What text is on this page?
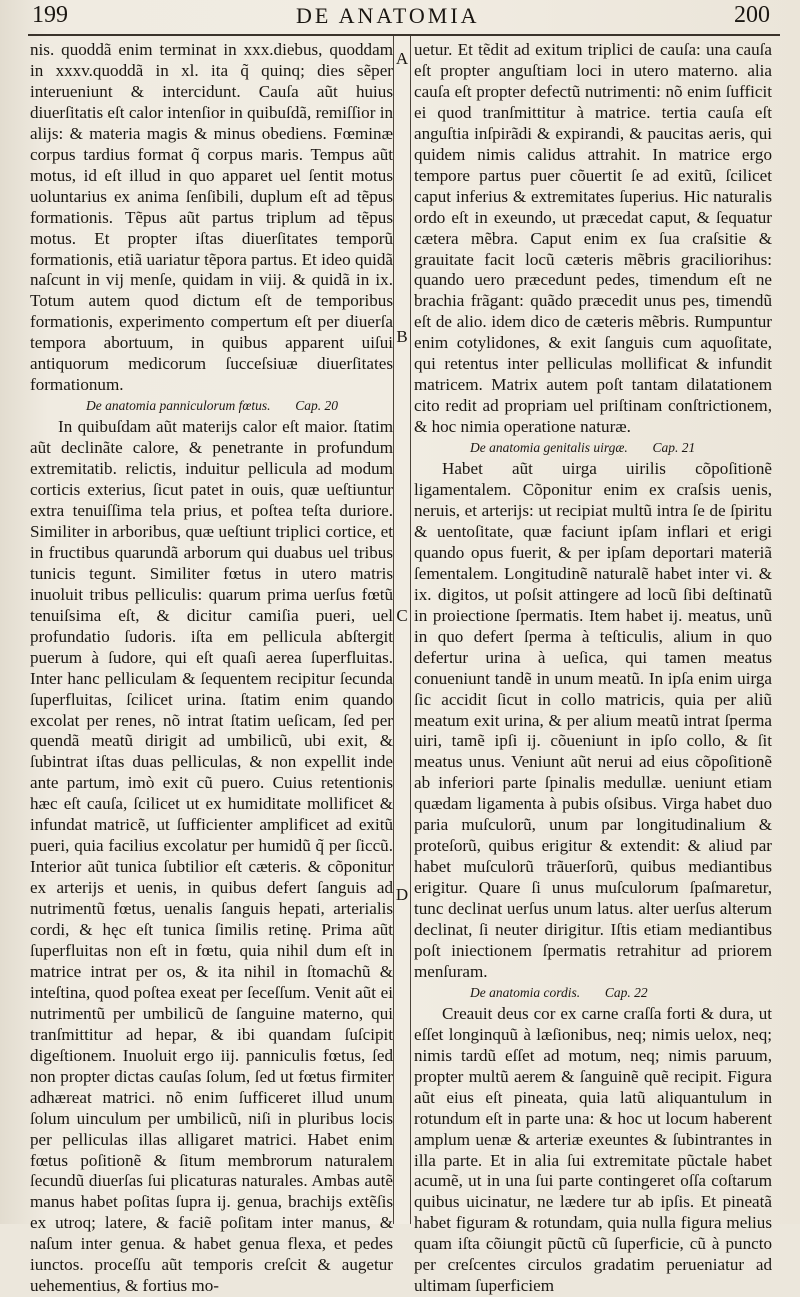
199	DE ANATOMIA	200
A
B
C
D

nis. quoddã enim terminat in xxx.diebus, quoddam in xxxv.quoddã in xl. ita q̃ quinq; dies sẽper interueniunt & intercidunt. Cauſa aũt huius diuerſitatis eſt calor intenſior in quibuſdã, remiſſior in alijs: & materia magis & minus obediens. Fœminæ corpus tardius format q̃ corpus maris. Tempus aũt motus, id eſt illud in quo apparet uel ſentit motus uoluntarius ex anima ſenſibili, duplum eſt ad tẽpus formationis. Tẽpus aũt partus triplum ad tẽpus motus. Et propter iſtas diuerſitates temporũ formationis, etiã uariatur tẽpora partus. Et ideo quidã naſcunt in vij menſe, quidam in viij. & quidã in ix. Totum autem quod dictum eſt de temporibus formationis, experimento compertum eſt per diuerſa tempora abortuum, in quibus apparent uiſui antiquorum medicorum ſucceſsiuæ diuerſitates formationum.

De anatomia panniculorum fœtus. Cap. 20

In quibuſdam aũt materijs calor eſt maior. ſtatim aũt declinãte calore, & penetrante in profundum extremitatib. relictis, induitur pellicula ad modum corticis exterius, ſicut patet in ouis, quæ ueſtiuntur extra tenuiſſima tela prius, et poſtea teſta duriore. Similiter in arboribus, quæ ueſtiunt triplici cortice, et in fructibus quarundã arborum qui duabus uel tribus tunicis tegunt. Similiter fœtus in utero matris inuoluit tribus pelliculis: quarum prima uerſus fœtũ tenuiſsima eſt, & dicitur camiſia pueri, uel profundatio ſudoris. iſta em pellicula abſtergit puerum à ſudore, qui eſt quaſi aerea ſuperfluitas. Inter hanc pelliculam & ſequentem recipitur ſecunda ſuperfluitas, ſcilicet urina. ſtatim enim quando excolat per renes, nõ intrat ſtatim ueſicam, ſed per quendã meatũ dirigit ad umbilicũ, ubi exit, & ſubintrat iſtas duas pelliculas, & non expellit inde ante partum, imò exit cũ puero. Cuius retentionis hæc eſt cauſa, ſcilicet ut ex humiditate mollificet & infundat matricẽ, ut ſufficienter amplificet ad exitũ pueri, quia facilius excolatur per humidũ q̃ per ſiccũ. Interior aũt tunica ſubtilior eſt cæteris. & cõponitur ex arterijs et uenis, in quibus defert ſanguis ad nutrimentũ fœtus, uenalis ſanguis hepati, arterialis cordi, & hęc eſt tunica ſimilis retinę. Prima aũt ſuperfluitas non eſt in fœtu, quia nihil dum eſt in matrice intrat per os, & ita nihil in ſtomachũ & inteſtina, quod poſtea exeat per ſeceſſum. Venit aũt ei nutrimentũ per umbilicũ de ſanguine materno, qui tranſmittitur ad hepar, & ibi quandam ſuſcipit digeſtionem. Inuoluit ergo iij. panniculis fœtus, ſed non propter dictas cauſas ſolum, ſed ut fœtus firmiter adhæreat matrici. nõ enim ſufficeret illud unum ſolum uinculum per umbilicũ, niſi in pluribus locis per pelliculas illas alligaret matrici. Habet enim fœtus poſitionẽ & ſitum membrorum naturalem ſecundũ diuerſas ſui plicaturas naturales. Ambas autẽ manus habet poſitas ſupra ij. genua, brachijs extẽſis ex utroq; latere, & faciẽ poſitam inter manus, & naſum inter genua. & habet genua flexa, et pedes iunctos. proceſſu aũt temporis creſcit & augetur uehementius, & fortius mo-

uetur. Et tẽdit ad exitum triplici de cauſa: una cauſa eſt propter anguſtiam loci in utero materno. alia cauſa eſt propter defectũ nutrimenti: nõ enim ſufficit ei quod tranſmittitur à matrice. tertia cauſa eſt anguſtia inſpirãdi & expirandi, & paucitas aeris, qui quidem nimis calidus attrahit. In matrice ergo tempore partus puer cõuertit ſe ad exitũ, ſcilicet caput inferius & extremitates ſuperius. Hic naturalis ordo eſt in exeundo, ut præcedat caput, & ſequatur cætera mẽbra. Caput enim ex ſua craſsitie & grauitate facit locũ cæteris mẽbris graciliorihus: quando uero præcedunt pedes, timendum eſt ne brachia frãgant: quãdo præcedit unus pes, timendũ eſt de alio. idem dico de cæteris mẽbris. Rumpuntur enim cotylidones, & exit ſanguis cum aquoſitate, qui retentus inter pelliculas mollificat & infundit matricem. Matrix autem poſt tantam dilatationem cito redit ad propriam uel priſtinam conſtrictionem, & hoc nimia operatione naturæ.

De anatomia genitalis uirgæ. Cap. 21

Habet aũt uirga uirilis cõpoſitionẽ ligamentalem. Cõponitur enim ex craſsis uenis, neruis, et arterijs: ut recipiat multũ intra ſe de ſpiritu & uentoſitate, quæ faciunt ipſam inflari et erigi quando opus fuerit, & per ipſam deportari materiã ſementalem. Longitudinẽ naturalẽ habet inter vi. & ix. digitos, ut poſsit attingere ad locũ ſibi deſtinatũ in proiectione ſpermatis. Item habet ij. meatus, unũ in quo defert ſperma à teſticulis, alium in quo defertur urina à ueſica, qui tamen meatus conueniunt tandẽ in unum meatũ. In ipſa enim uirga ſic accidit ſicut in collo matricis, quia per aliũ meatum exit urina, & per alium meatũ intrat ſperma uiri, tamẽ ipſi ij. cõueniunt in ipſo collo, & ſit meatus unus. Veniunt aũt nerui ad eius cõpoſitionẽ ab inferiori parte ſpinalis medullæ. ueniunt etiam quædam ligamenta à pubis oſsibus. Virga habet duo paria muſculorũ, unum par longitudinalium & proteſorũ, quibus erigitur & extendit: & aliud par habet muſculorũ trãuerſorũ, quibus mediantibus erigitur. Quare ſi unus muſculorum ſpaſmaretur, tunc declinat uerſus unum latus. alter uerſus alterum declinat, ſi neuter dirigitur. Iſtis etiam mediantibus poſt iniectionem ſpermatis retrahitur ad priorem menſuram.

De anatomia cordis. Cap. 22

Creauit deus cor ex carne craſſa forti & dura, ut eſſet longinquũ à læſionibus, neq; nimis uelox, neq; nimis tardũ eſſet ad motum, neq; nimis paruum, propter multũ aerem & ſanguinẽ quẽ recipit. Figura aũt eius eſt pineata, quia latũ aliquantulum in rotundum eſt in parte una: & hoc ut locum haberent amplum uenæ & arteriæ exeuntes & ſubintrantes in illa parte. Et in alia ſui extremitate pũctale habet acumẽ, ut in una ſui parte contingeret oſſa coſtarum quibus uicinatur, ne lædere tur ab ipſis. Et pineatã habet figuram & rotundam, quia nulla figura melius quam iſta cõiungit pũctũ cũ ſuperficie, cũ à puncto per creſcentes circulos gradatim perueniatur ad ultimam ſuperficiem
